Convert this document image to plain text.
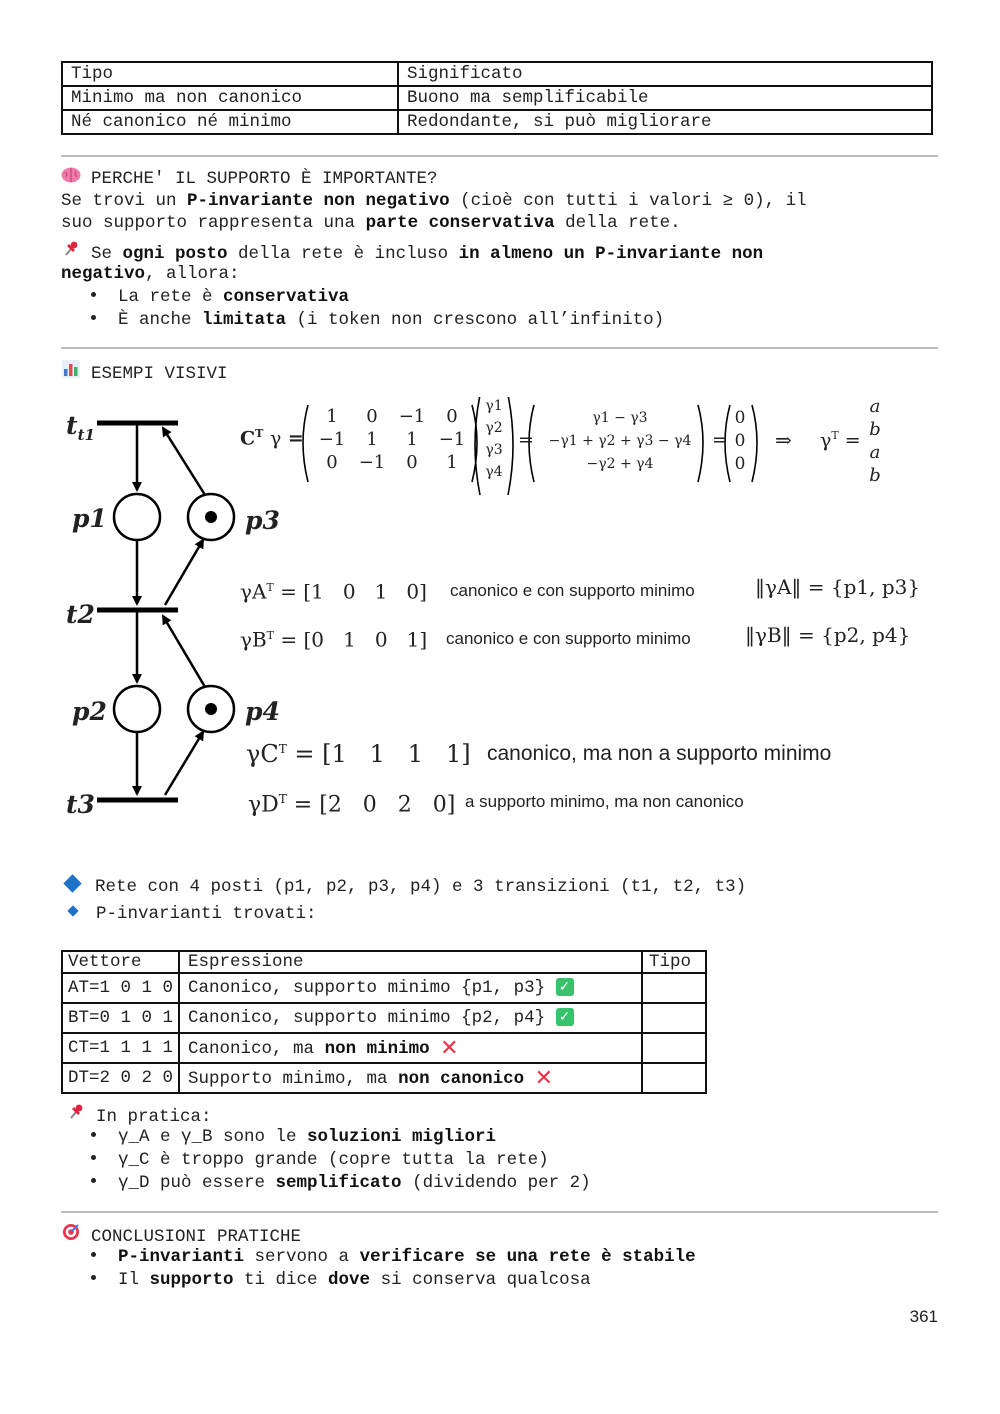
Tipo	Significato
Minimo ma non canonico	Buono ma semplificabile
Né canonico né minimo	Redondante, si può migliorare
PERCHE' IL SUPPORTO È IMPORTANTE?
Se trovi un P-invariante non negativo (cioè con tutti i valori ≥ 0), il
suo supporto rappresenta una parte conservativa della rete.
Se ogni posto della rete è incluso in almeno un P-invariante non
negativo, allora:
La rete è conservativa
È anche limitata (i token non crescono all’infinito)
ESEMPI VISIVI
$t_{t1}$
t2
t3
p1	p3
p2	p4
$C^T$ γ =
1	0	−1	0
−1	1	1	−1
0	−1	0	1
γ1
γ2
γ3
γ4
=
γ1 − γ3
−γ1 + γ2 + γ3 − γ4
−γ2 + γ4
=
0
0
0
⇒ $\gamma^T$ =
a
b
a
b
$\gamma A^T = [1$   0   1   0] canonico e con supporto minimo	‖γA‖ = {p1, p3}
$\gamma B^T = [0$   1   0   1] canonico e con supporto minimo	‖γB‖ = {p2, p4}
$\gamma C^T = [1$   1   1   1] canonico, ma non a supporto minimo
$\gamma D^T = [2$   0   2   0] a supporto minimo, ma non canonico
Rete con 4 posti (p1, p2, p3, p4) e 3 transizioni (t1, t2, t3)
P-invarianti trovati:
Vettore	Espressione	Tipo
AT=1 0 1 0	Canonico, supporto minimo {p1, p3} ✓	
BT=0 1 0 1	Canonico, supporto minimo {p2, p4} ✓	
CT=1 1 1 1	Canonico, ma non minimo ✕	
DT=2 0 2 0	Supporto minimo, ma non canonico ✕	
In pratica:
γ_A e γ_B sono le soluzioni migliori
γ_C è troppo grande (copre tutta la rete)
γ_D può essere semplificato (dividendo per 2)
CONCLUSIONI PRATICHE
P-invarianti servono a verificare se una rete è stabile
Il supporto ti dice dove si conserva qualcosa
361
